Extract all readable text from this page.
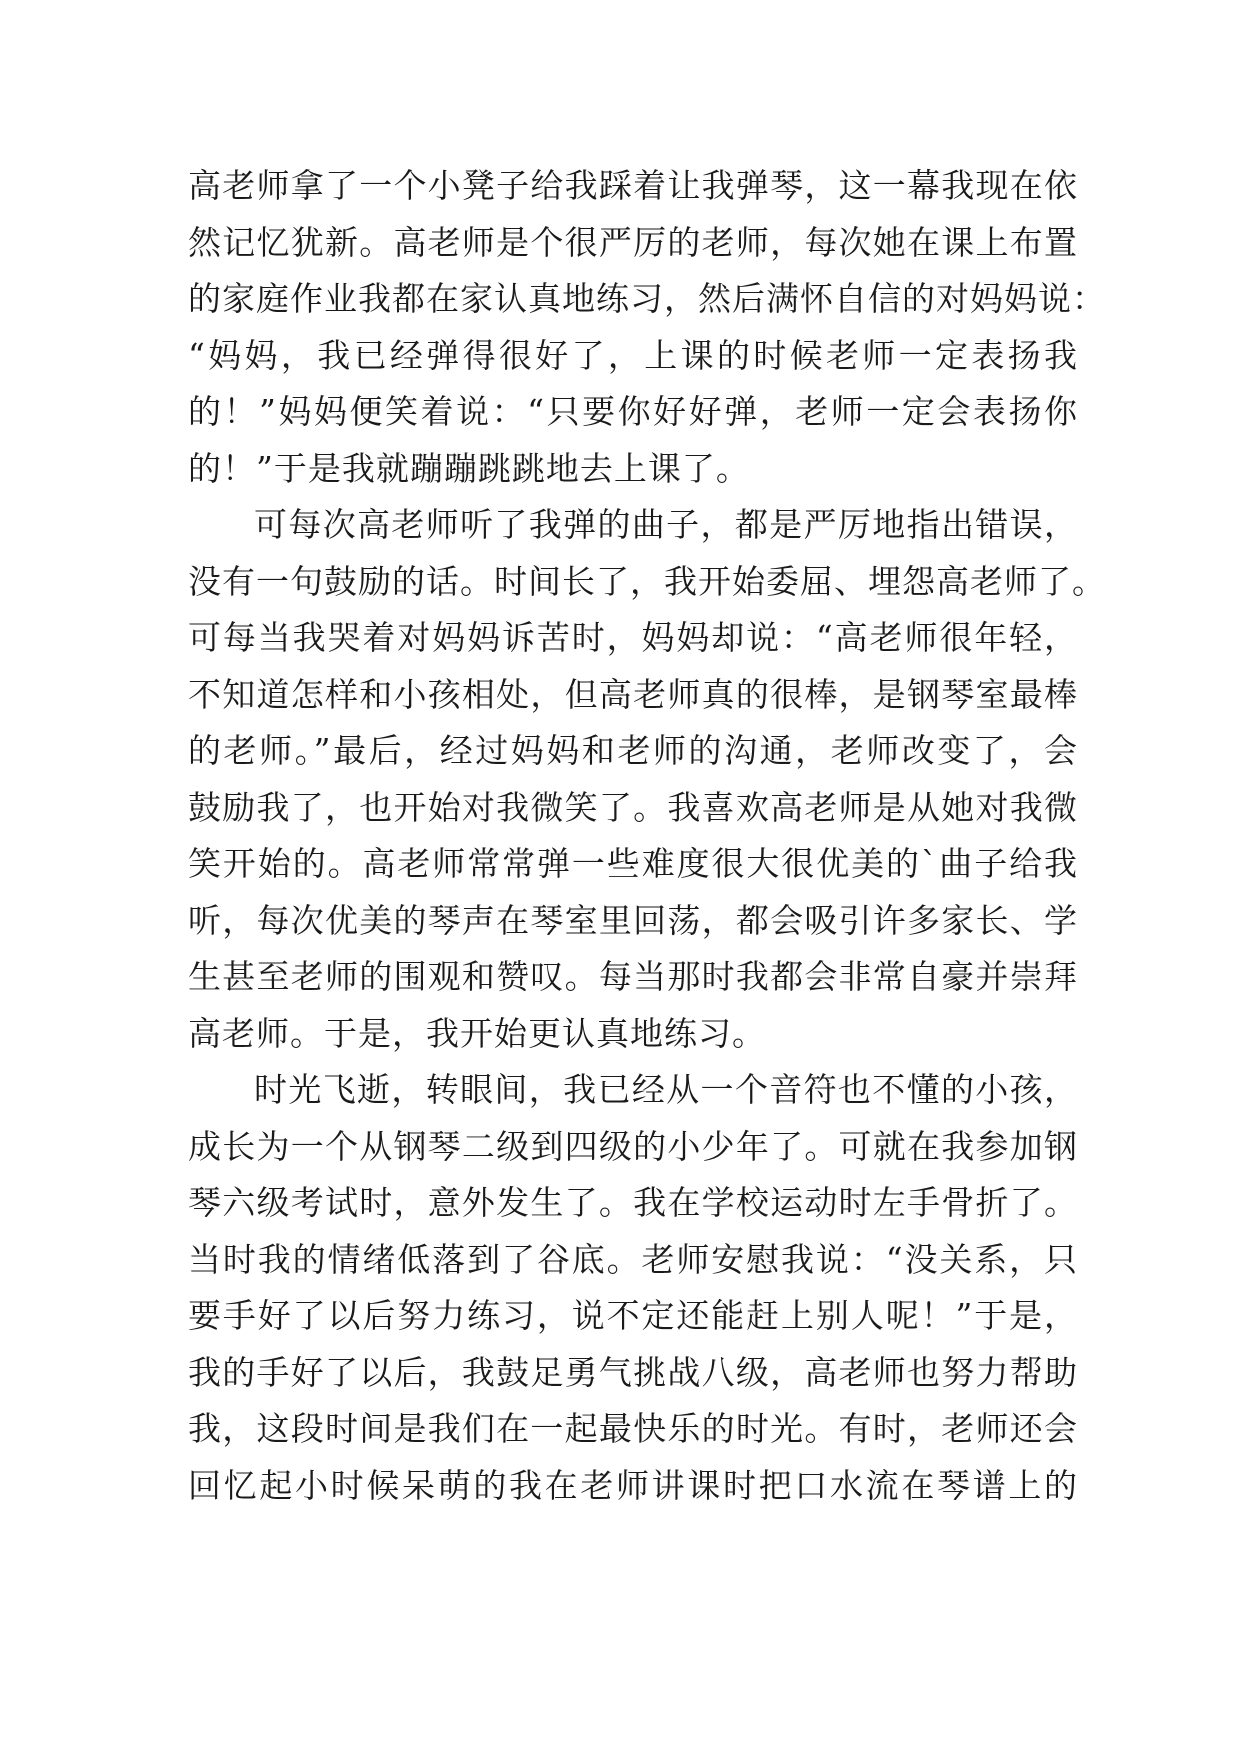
高老师拿了一个小凳子给我踩着让我弹琴，这一幕我现在依
然记忆犹新。高老师是个很严厉的老师，每次她在课上布置
的家庭作业我都在家认真地练习，然后满怀自信的对妈妈说：
“妈妈，我已经弹得很好了，上课的时候老师一定表扬我
的！”妈妈便笑着说：“只要你好好弹，老师一定会表扬你
的！”于是我就蹦蹦跳跳地去上课了。
可每次高老师听了我弹的曲子，都是严厉地指出错误，
没有一句鼓励的话。时间长了，我开始委屈、埋怨高老师了。
可每当我哭着对妈妈诉苦时，妈妈却说：“高老师很年轻，
不知道怎样和小孩相处，但高老师真的很棒，是钢琴室最棒
的老师。”最后，经过妈妈和老师的沟通，老师改变了，会
鼓励我了，也开始对我微笑了。我喜欢高老师是从她对我微
笑开始的。高老师常常弹一些难度很大很优美的`曲子给我
听，每次优美的琴声在琴室里回荡，都会吸引许多家长、学
生甚至老师的围观和赞叹。每当那时我都会非常自豪并崇拜
高老师。于是，我开始更认真地练习。
时光飞逝，转眼间，我已经从一个音符也不懂的小孩，
成长为一个从钢琴二级到四级的小少年了。可就在我参加钢
琴六级考试时，意外发生了。我在学校运动时左手骨折了。
当时我的情绪低落到了谷底。老师安慰我说：“没关系，只
要手好了以后努力练习，说不定还能赶上别人呢！”于是，
我的手好了以后，我鼓足勇气挑战八级，高老师也努力帮助
我，这段时间是我们在一起最快乐的时光。有时，老师还会
回忆起小时候呆萌的我在老师讲课时把口水流在琴谱上的
